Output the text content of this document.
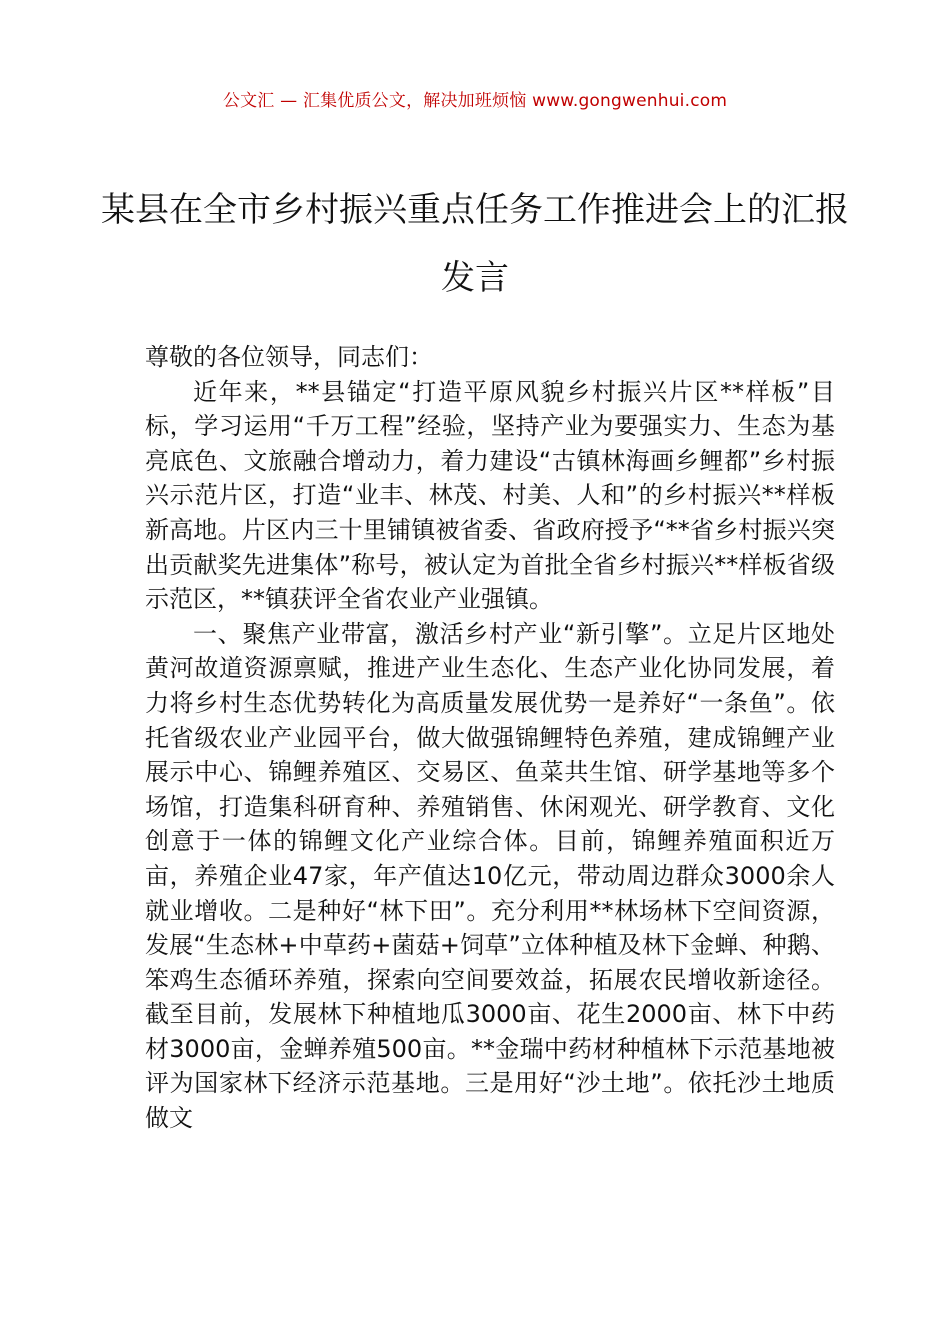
公文汇 — 汇集优质公文，解决加班烦恼 www.gongwenhui.com
某县在全市乡村振兴重点任务工作推进会上的汇报发言

尊敬的各位领导，同志们：

近年来，**县锚定“打造平原风貌乡村振兴片区**样板”目标，学习运用“千万工程”经验，坚持产业为要强实力、生态为基亮底色、文旅融合增动力，着力建设“古镇林海画乡鲤都”乡村振兴示范片区，打造“业丰、林茂、村美、人和”的乡村振兴**样板新高地。片区内三十里铺镇被省委、省政府授予“**省乡村振兴突出贡献奖先进集体”称号，被认定为首批全省乡村振兴**样板省级示范区，**镇获评全省农业产业强镇。

一、聚焦产业带富，激活乡村产业“新引擎”。立足片区地处黄河故道资源禀赋，推进产业生态化、生态产业化协同发展，着力将乡村生态优势转化为高质量发展优势一是养好“一条鱼”。依托省级农业产业园平台，做大做强锦鲤特色养殖，建成锦鲤产业展示中心、锦鲤养殖区、交易区、鱼菜共生馆、研学基地等多个场馆，打造集科研育种、养殖销售、休闲观光、研学教育、文化创意于一体的锦鲤文化产业综合体。目前，锦鲤养殖面积近万亩，养殖企业47家，年产值达10亿元，带动周边群众3000余人就业增收。二是种好“林下田”。充分利用**林场林下空间资源，发展“生态林+中草药+菌菇+饲草”立体种植及林下金蝉、种鹅、笨鸡生态循环养殖，探索向空间要效益，拓展农民增收新途径。截至目前，发展林下种植地瓜3000亩、花生2000亩、林下中药材3000亩，金蝉养殖500亩。**金瑞中药材种植林下示范基地被评为国家林下经济示范基地。三是用好“沙土地”。依托沙土地质做文
